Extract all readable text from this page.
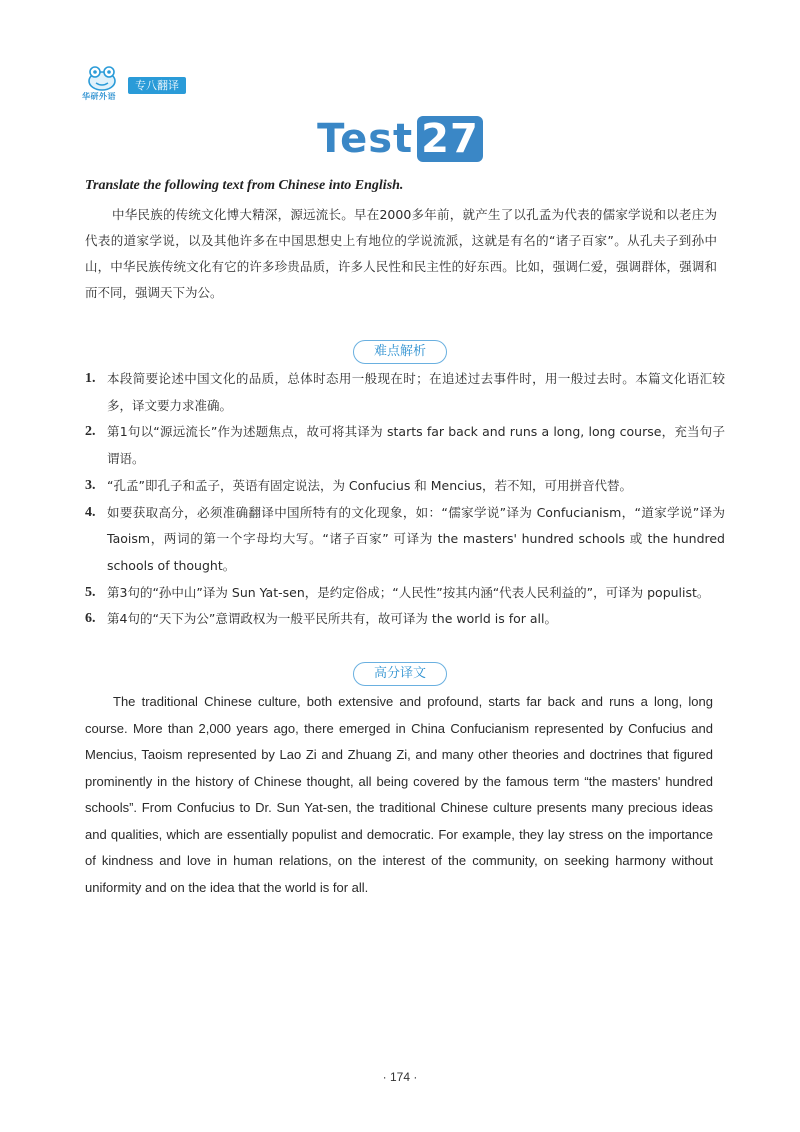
华研外语
专八翻译
Test 27
Translate the following text from Chinese into English.

中华民族的传统文化博大精深，源远流长。早在2000多年前，就产生了以孔孟为代表的儒家学说和以老庄为代表的道家学说，以及其他许多在中国思想史上有地位的学说流派，这就是有名的“诸子百家”。从孔夫子到孙中山，中华民族传统文化有它的许多珍贵品质，许多人民性和民主性的好东西。比如，强调仁爱，强调群体，强调和而不同，强调天下为公。

难点解析
1. 本段简要论述中国文化的品质，总体时态用一般现在时；在追述过去事件时，用一般过去时。本篇文化语汇较多，译文要力求准确。
2. 第1句以“源远流长”作为述题焦点，故可将其译为 starts far back and runs a long, long course，充当句子谓语。
3. “孔孟”即孔子和孟子，英语有固定说法，为 Confucius 和 Mencius，若不知，可用拼音代替。
4. 如要获取高分，必须准确翻译中国所特有的文化现象，如：“儒家学说”译为 Confucianism，“道家学说”译为 Taoism，两词的第一个字母均大写。“诸子百家” 可译为 the masters' hundred schools 或 the hundred schools of thought。
5. 第3句的“孙中山”译为 Sun Yat-sen，是约定俗成；“人民性”按其内涵“代表人民利益的”，可译为 populist。
6. 第4句的“天下为公”意谓政权为一般平民所共有，故可译为 the world is for all。
高分译文

The traditional Chinese culture, both extensive and profound, starts far back and runs a long, long course. More than 2,000 years ago, there emerged in China Confucianism represented by Confucius and Mencius, Taoism represented by Lao Zi and Zhuang Zi, and many other theories and doctrines that figured prominently in the history of Chinese thought, all being covered by the famous term “the masters' hundred schools”. From Confucius to Dr. Sun Yat-sen, the traditional Chinese culture presents many precious ideas and qualities, which are essentially populist and democratic. For example, they lay stress on the importance of kindness and love in human relations, on the interest of the community, on seeking harmony without uniformity and on the idea that the world is for all.

· 174 ·
